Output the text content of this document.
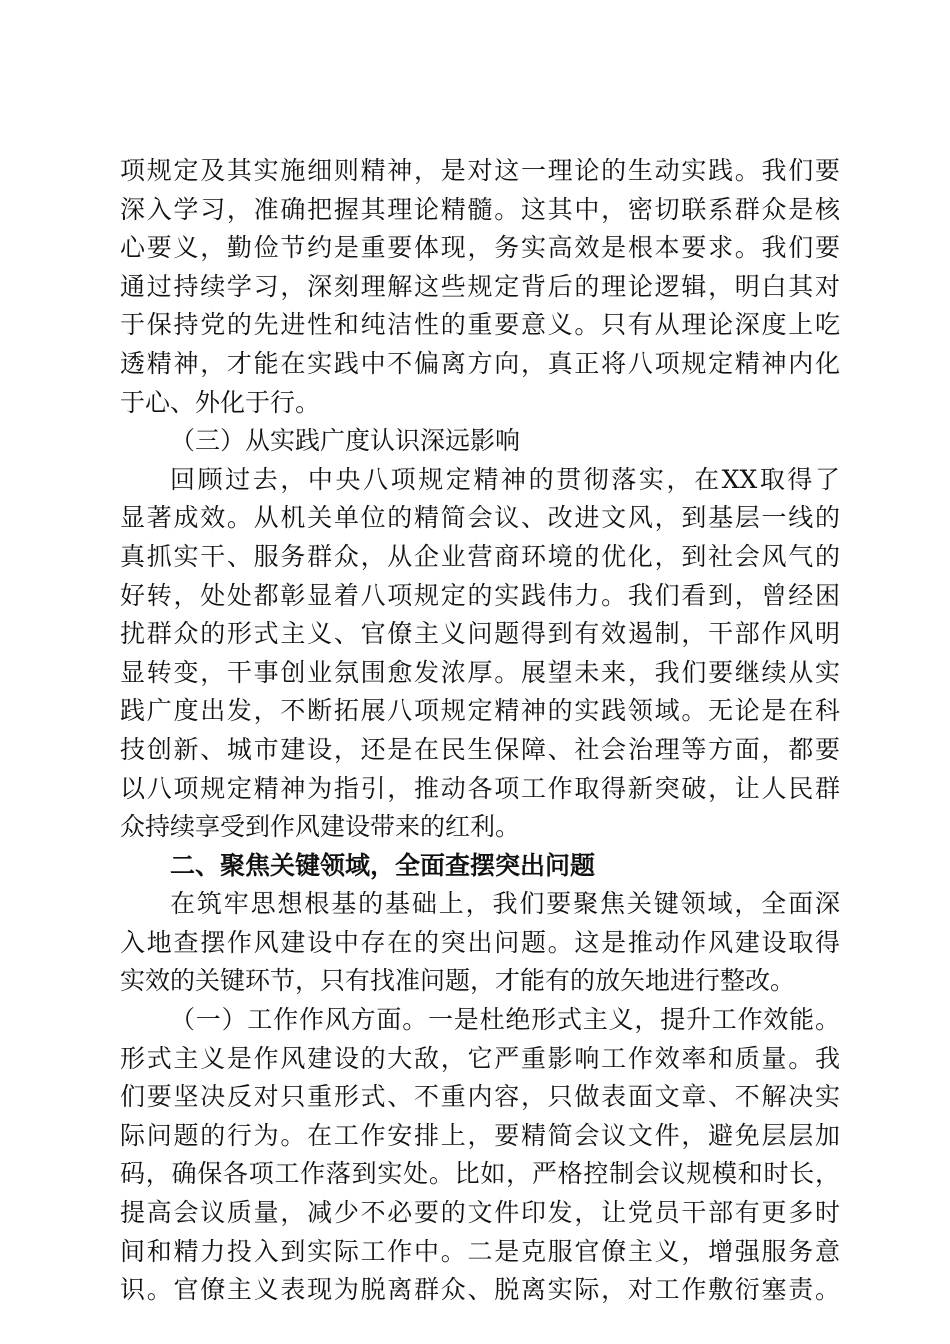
项规定及其实施细则精神，是对这一理论的生动实践。我们要
深入学习，准确把握其理论精髓。这其中，密切联系群众是核
心要义，勤俭节约是重要体现，务实高效是根本要求。我们要
通过持续学习，深刻理解这些规定背后的理论逻辑，明白其对
于保持党的先进性和纯洁性的重要意义。只有从理论深度上吃
透精神，才能在实践中不偏离方向，真正将八项规定精神内化
于心、外化于行。
（三）从实践广度认识深远影响
回顾过去，中央八项规定精神的贯彻落实，在XX取得了
显著成效。从机关单位的精简会议、改进文风，到基层一线的
真抓实干、服务群众，从企业营商环境的优化，到社会风气的
好转，处处都彰显着八项规定的实践伟力。我们看到，曾经困
扰群众的形式主义、官僚主义问题得到有效遏制，干部作风明
显转变，干事创业氛围愈发浓厚。展望未来，我们要继续从实
践广度出发，不断拓展八项规定精神的实践领域。无论是在科
技创新、城市建设，还是在民生保障、社会治理等方面，都要
以八项规定精神为指引，推动各项工作取得新突破，让人民群
众持续享受到作风建设带来的红利。
二、聚焦关键领域，全面查摆突出问题
在筑牢思想根基的基础上，我们要聚焦关键领域，全面深
入地查摆作风建设中存在的突出问题。这是推动作风建设取得
实效的关键环节，只有找准问题，才能有的放矢地进行整改。
（一）工作作风方面。一是杜绝形式主义，提升工作效能。
形式主义是作风建设的大敌，它严重影响工作效率和质量。我
们要坚决反对只重形式、不重内容，只做表面文章、不解决实
际问题的行为。在工作安排上，要精简会议文件，避免层层加
码，确保各项工作落到实处。比如，严格控制会议规模和时长，
提高会议质量，减少不必要的文件印发，让党员干部有更多时
间和精力投入到实际工作中。二是克服官僚主义，增强服务意
识。官僚主义表现为脱离群众、脱离实际，对工作敷衍塞责。
